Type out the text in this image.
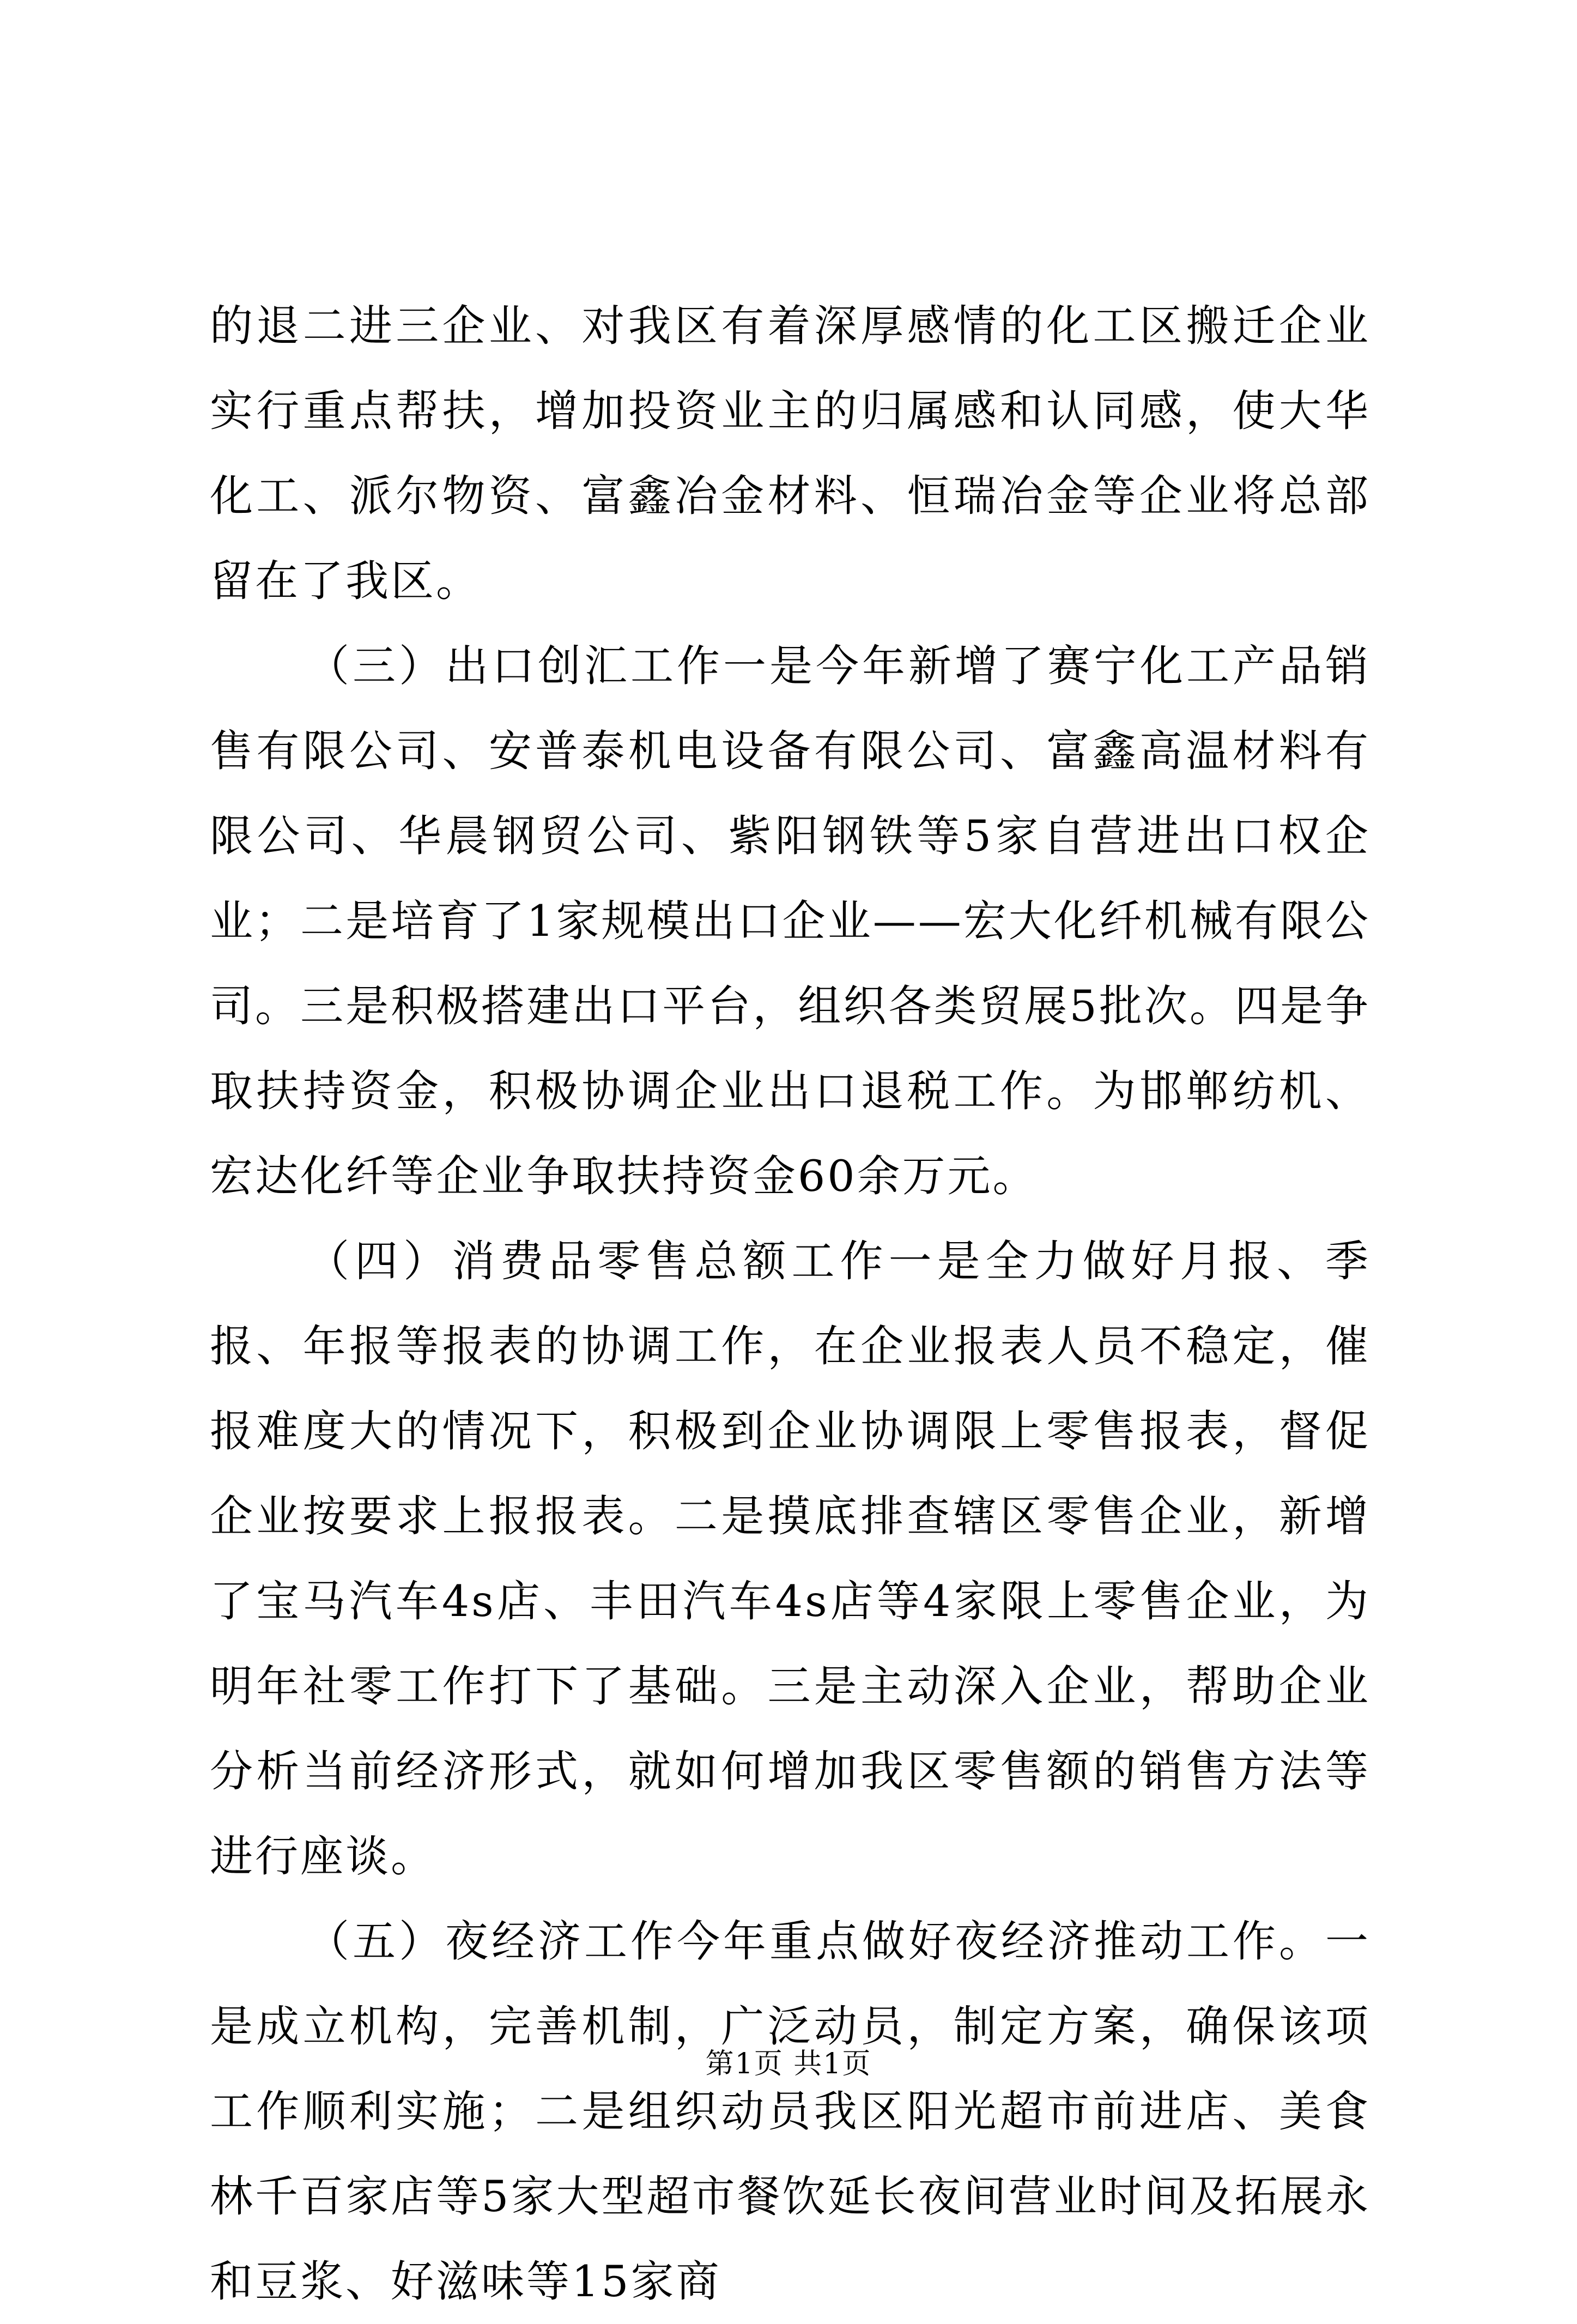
的退二进三企业、对我区有着深厚感情的化工区搬迁企业实行重点帮扶，增加投资业主的归属感和认同感，使大华化工、派尔物资、富鑫冶金材料、恒瑞冶金等企业将总部留在了我区。

（三）出口创汇工作一是今年新增了赛宁化工产品销售有限公司、安普泰机电设备有限公司、富鑫高温材料有限公司、华晨钢贸公司、紫阳钢铁等5家自营进出口权企业；二是培育了1家规模出口企业——宏大化纤机械有限公司。三是积极搭建出口平台，组织各类贸展5批次。四是争取扶持资金，积极协调企业出口退税工作。为邯郸纺机、宏达化纤等企业争取扶持资金60余万元。

（四）消费品零售总额工作一是全力做好月报、季报、年报等报表的协调工作，在企业报表人员不稳定，催报难度大的情况下，积极到企业协调限上零售报表，督促企业按要求上报报表。二是摸底排查辖区零售企业，新增了宝马汽车4s店、丰田汽车4s店等4家限上零售企业，为明年社零工作打下了基础。三是主动深入企业，帮助企业分析当前经济形式，就如何增加我区零售额的销售方法等进行座谈。

（五）夜经济工作今年重点做好夜经济推动工作。一是成立机构，完善机制，广泛动员，制定方案，确保该项工作顺利实施；二是组织动员我区阳光超市前进店、美食林千百家店等5家大型超市餐饮延长夜间营业时间及拓展永和豆浆、好滋味等15家商

第1页 共1页
